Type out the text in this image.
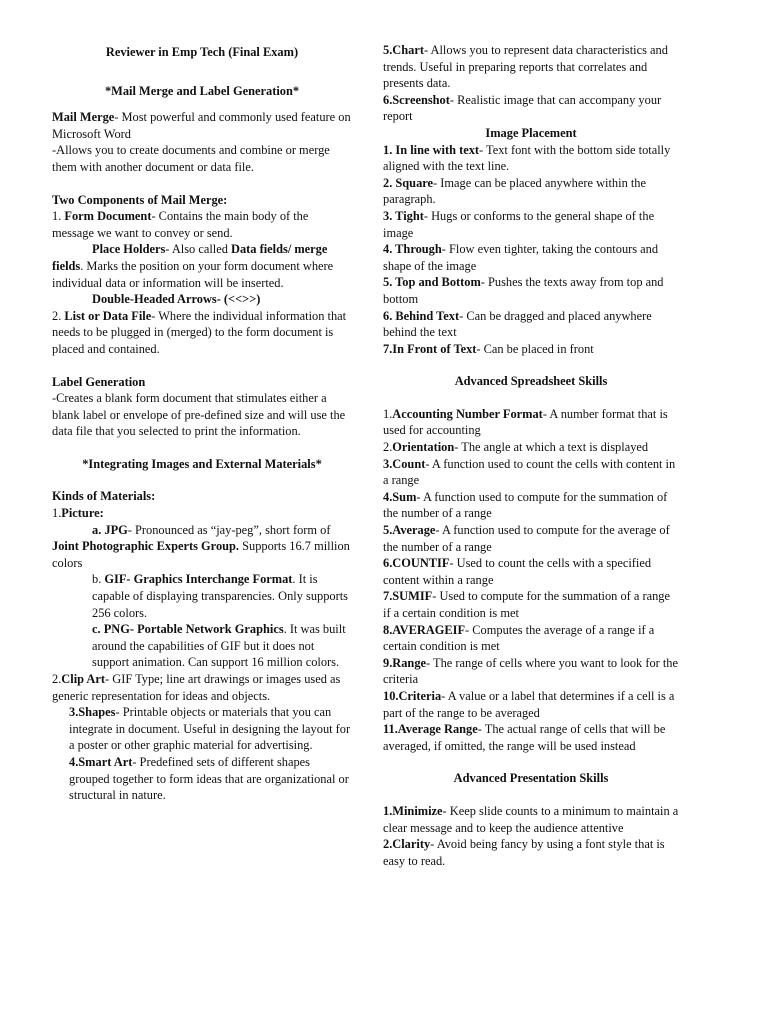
Reviewer in Emp Tech (Final Exam)

*Mail Merge and Label Generation*

Mail Merge- Most powerful and commonly used feature on Microsoft Word

-Allows you to create documents and combine or merge them with another document or data file.

Two Components of Mail Merge:

1. Form Document- Contains the main body of the message we want to convey or send.

Place Holders- Also called Data fields/ merge fields. Marks the position on your form document where individual data or information will be inserted.

Double-Headed Arrows- (<<>>)

2. List or Data File- Where the individual information that needs to be plugged in (merged) to the form document is placed and contained.

Label Generation

-Creates a blank form document that stimulates either a blank label or envelope of pre-defined size and will use the data file that you selected to print the information.

*Integrating Images and External Materials*

Kinds of Materials:

1.Picture:

a. JPG- Pronounced as “jay-peg”, short form of Joint Photographic Experts Group. Supports 16.7 million colors

b. GIF- Graphics Interchange Format. It is capable of displaying transparencies. Only supports 256 colors.

c. PNG- Portable Network Graphics. It was built around the capabilities of GIF but it does not support animation. Can support 16 million colors.

2.Clip Art- GIF Type; line art drawings or images used as generic representation for ideas and objects.

3.Shapes- Printable objects or materials that you can integrate in document. Useful in designing the layout for a poster or other graphic material for advertising.

4.Smart Art- Predefined sets of different shapes grouped together to form ideas that are organizational or structural in nature.

5.Chart- Allows you to represent data characteristics and trends. Useful in preparing reports that correlates and presents data.

6.Screenshot- Realistic image that can accompany your report

Image Placement

1. In line with text- Text font with the bottom side totally aligned with the text line.

2. Square- Image can be placed anywhere within the paragraph.

3. Tight- Hugs or conforms to the general shape of the image

4. Through- Flow even tighter, taking the contours and shape of the image

5. Top and Bottom- Pushes the texts away from top and bottom

6. Behind Text- Can be dragged and placed anywhere behind the text

7.In Front of Text- Can be placed in front

Advanced Spreadsheet Skills

1.Accounting Number Format- A number format that is used for accounting

2.Orientation- The angle at which a text is displayed

3.Count- A function used to count the cells with content in a range

4.Sum- A function used to compute for the summation of the number of a range

5.Average- A function used to compute for the average of the number of a range

6.COUNTIF- Used to count the cells with a specified content within a range

7.SUMIF- Used to compute for the summation of a range if a certain condition is met

8.AVERAGEIF- Computes the average of a range if a certain condition is met

9.Range- The range of cells where you want to look for the criteria

10.Criteria- A value or a label that determines if a cell is a part of the range to be averaged

11.Average Range- The actual range of cells that will be averaged, if omitted, the range will be used instead

Advanced Presentation Skills

1.Minimize- Keep slide counts to a minimum to maintain a clear message and to keep the audience attentive

2.Clarity- Avoid being fancy by using a font style that is easy to read.
